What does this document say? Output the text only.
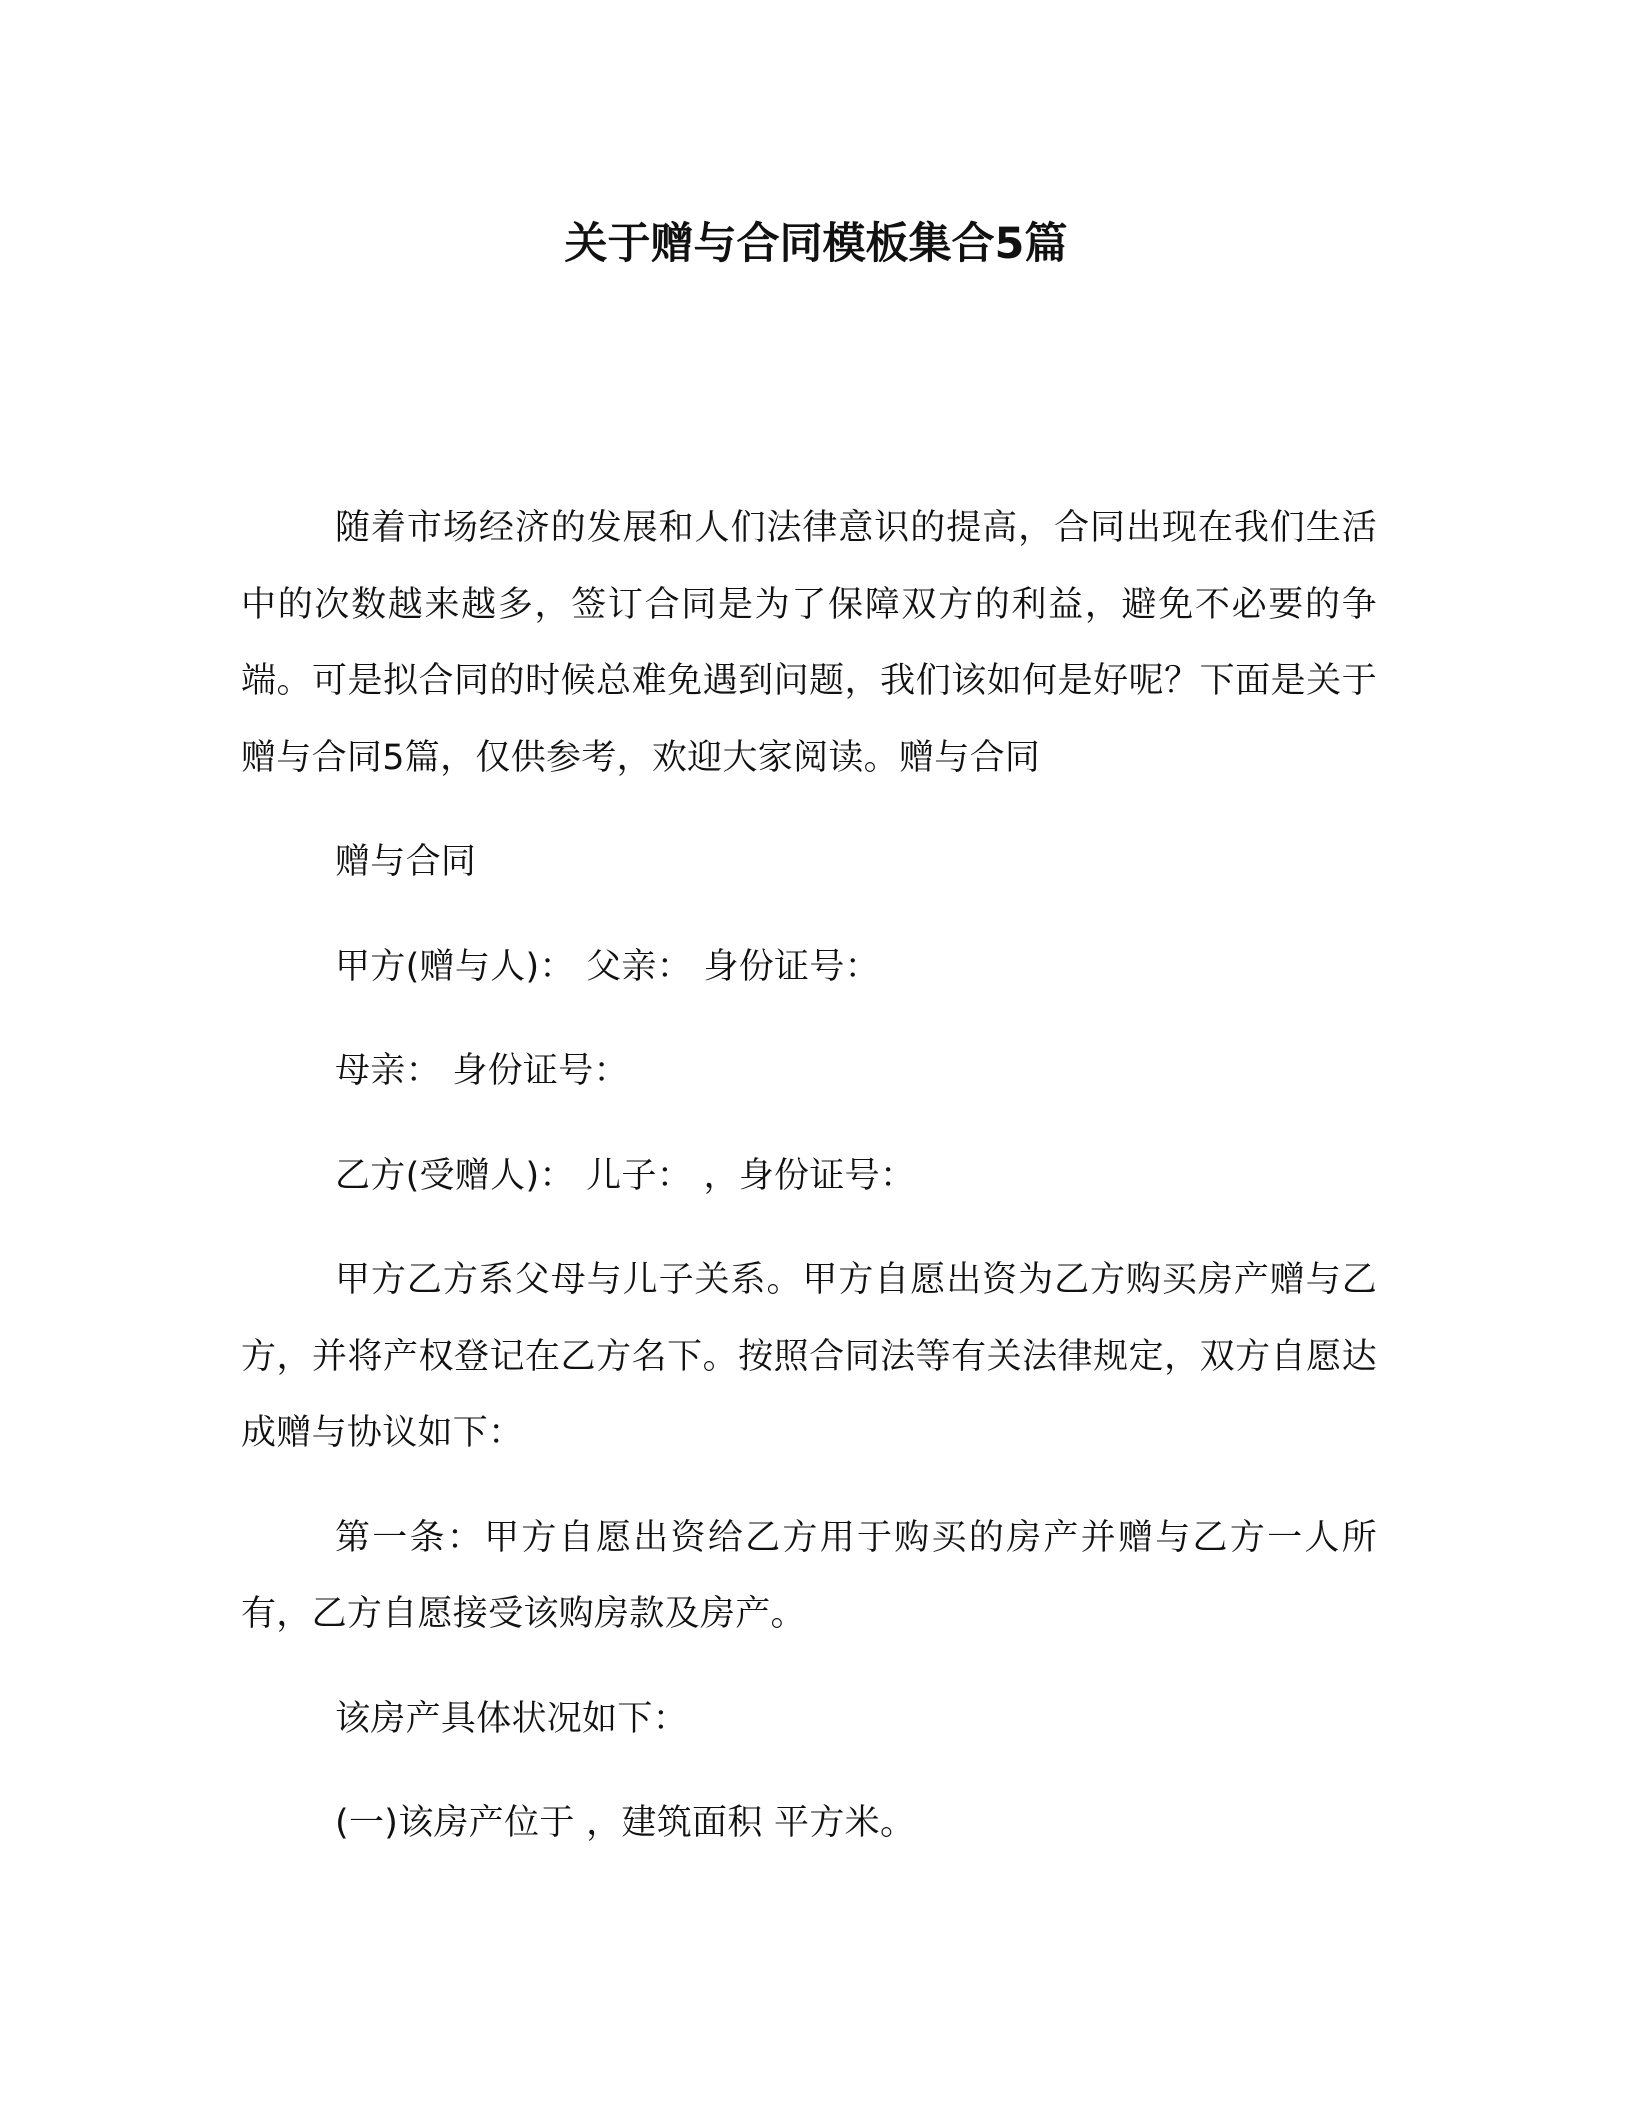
关于赠与合同模板集合5篇

随着市场经济的发展和人们法律意识的提高，合同出现在我们生活中的次数越来越多，签订合同是为了保障双方的利益，避免不必要的争端。可是拟合同的时候总难免遇到问题，我们该如何是好呢？下面是关于赠与合同5篇，仅供参考，欢迎大家阅读。赠与合同

赠与合同

甲方(赠与人)： 父亲： 身份证号：

母亲： 身份证号：

乙方(受赠人)： 儿子： ，身份证号：

甲方乙方系父母与儿子关系。甲方自愿出资为乙方购买房产赠与乙方，并将产权登记在乙方名下。按照合同法等有关法律规定，双方自愿达成赠与协议如下：

第一条：甲方自愿出资给乙方用于购买的房产并赠与乙方一人所有，乙方自愿接受该购房款及房产。

该房产具体状况如下：

(一)该房产位于 ，建筑面积 平方米。
